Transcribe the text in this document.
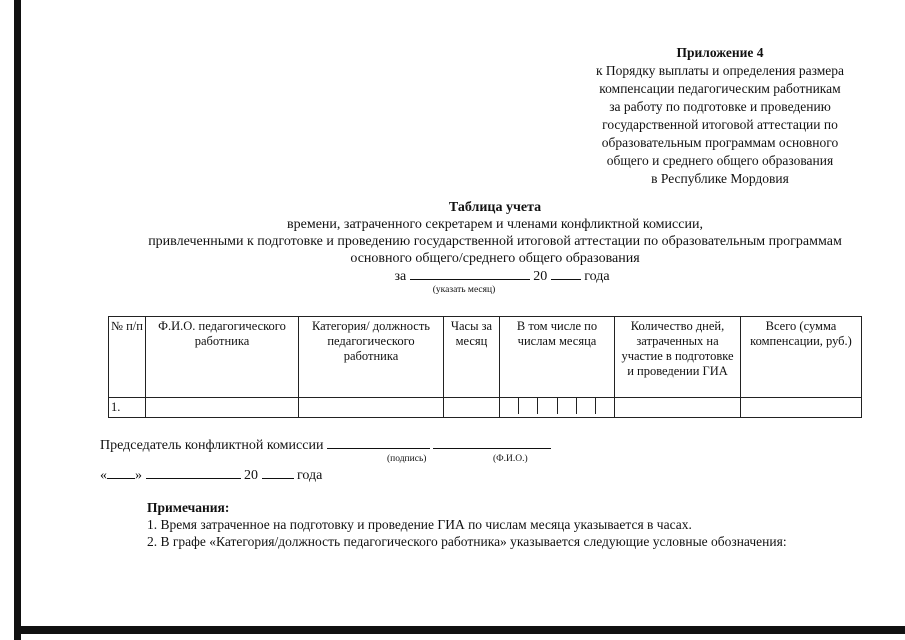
Приложение 4
к Порядку выплаты и определения размера
компенсации педагогическим работникам
за работу по подготовке и проведению
государственной итоговой аттестации по
образовательным программам основного
общего и среднего общего образования
в Республике Мордовия
Таблица учета
времени, затраченного секретарем и членами конфликтной комиссии,
привлеченными к подготовке и проведению государственной итоговой аттестации по образовательным программам
основного общего/среднего общего образования
за	20	года
(указать месяц)
№ п/п	Ф.И.О. педагогического работника	Категория/ должность педагогического работника	Часы за месяц	В том числе по числам месяца	Количество дней, затраченных на участие в подготовке и проведении ГИА	Всего (сумма компенсации, руб.)
1.				

Председатель конфликтной комиссии
(подпись)	(Ф.И.О.)
« »	20	года
Примечания:
1. Время затраченное на подготовку и проведение ГИА по числам месяца указывается в часах.
2. В графе «Категория/должность педагогического работника» указывается следующие условные обозначения:
